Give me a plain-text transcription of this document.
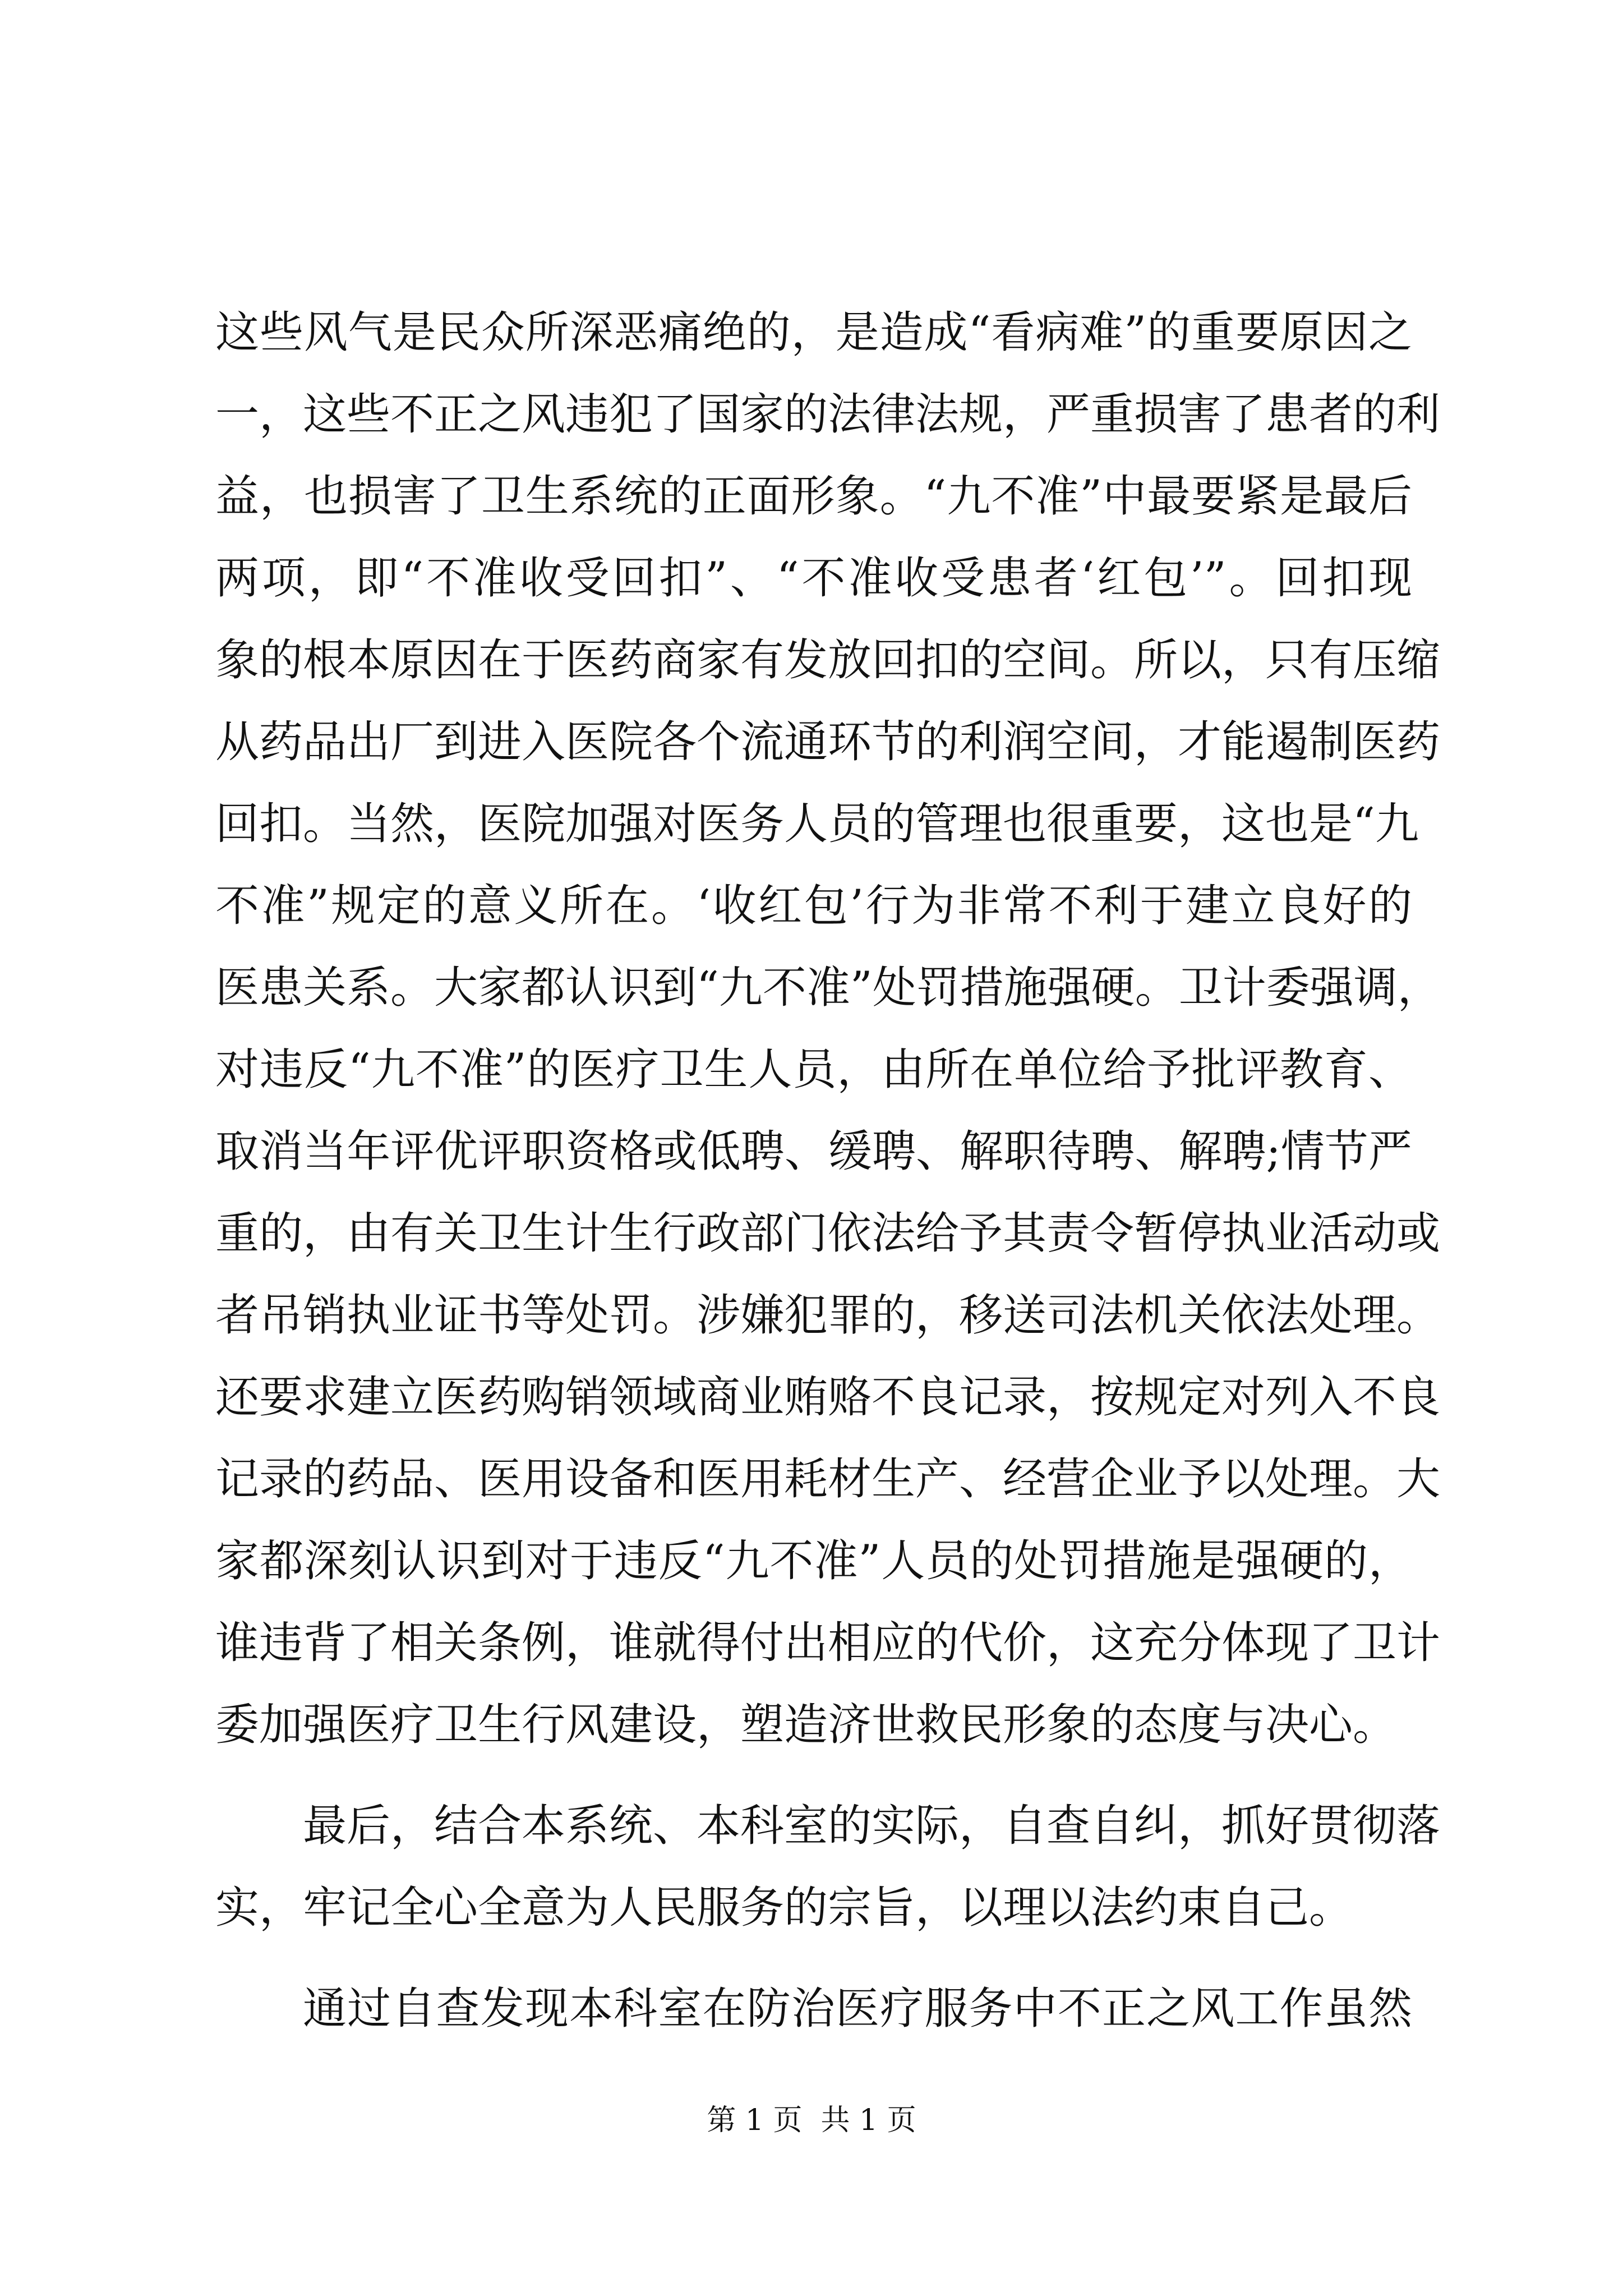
这些风气是民众所深恶痛绝的，是造成“看病难”的重要原因之
一，这些不正之风违犯了国家的法律法规，严重损害了患者的利
益，也损害了卫生系统的正面形象。“九不准”中最要紧是最后
两项，即“不准收受回扣”、“不准收受患者‘红包’”。回扣现
象的根本原因在于医药商家有发放回扣的空间。所以，只有压缩
从药品出厂到进入医院各个流通环节的利润空间，才能遏制医药
回扣。当然，医院加强对医务人员的管理也很重要，这也是“九
不准”规定的意义所在。‘收红包’行为非常不利于建立良好的
医患关系。大家都认识到“九不准”处罚措施强硬。卫计委强调，
对违反“九不准”的医疗卫生人员，由所在单位给予批评教育、
取消当年评优评职资格或低聘、缓聘、解职待聘、解聘;情节严
重的，由有关卫生计生行政部门依法给予其责令暂停执业活动或
者吊销执业证书等处罚。涉嫌犯罪的，移送司法机关依法处理。
还要求建立医药购销领域商业贿赂不良记录，按规定对列入不良
记录的药品、医用设备和医用耗材生产、经营企业予以处理。大
家都深刻认识到对于违反“九不准”人员的处罚措施是强硬的，
谁违背了相关条例，谁就得付出相应的代价，这充分体现了卫计
委加强医疗卫生行风建设，塑造济世救民形象的态度与决心。
最后，结合本系统、本科室的实际，自查自纠，抓好贯彻落
实，牢记全心全意为人民服务的宗旨，以理以法约束自己。
通过自查发现本科室在防治医疗服务中不正之风工作虽然
第 1 页  共 1 页
